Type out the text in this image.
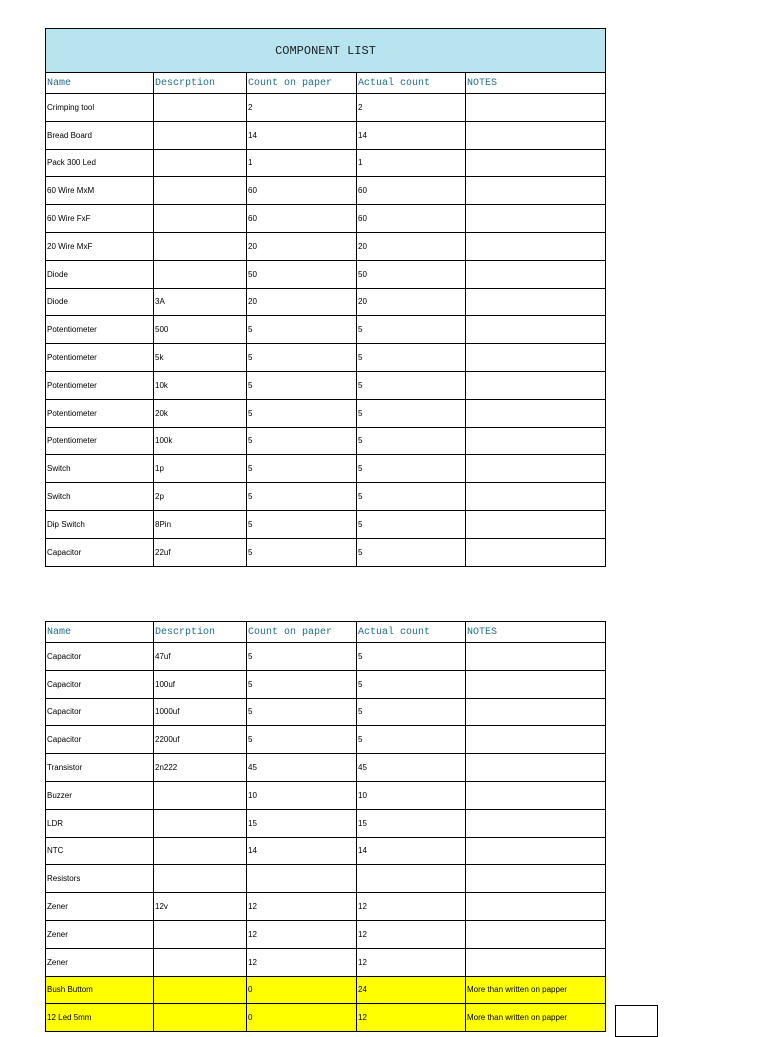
COMPONENT LIST				
Name	Descrption	Count on paper	Actual count	NOTES
Crimping tool		2	2	
Bread Board		14	14	
Pack 300 Led		1	1	
60 Wire MxM		60	60	
60 Wire FxF		60	60	
20 Wire MxF		20	20	
Diode		50	50	
Diode	3A	20	20	
Potentiometer	500	5	5	
Potentiometer	5k	5	5	
Potentiometer	10k	5	5	
Potentiometer	20k	5	5	
Potentiometer	100k	5	5	
Switch	1p	5	5	
Switch	2p	5	5	
Dip Switch	8Pin	5	5	
Capacitor	22uf	5	5	
Name	Descrption	Count on paper	Actual count	NOTES
Capacitor	47uf	5	5	
Capacitor	100uf	5	5	
Capacitor	1000uf	5	5	
Capacitor	2200uf	5	5	
Transistor	2n222	45	45	
Buzzer		10	10	
LDR		15	15	
NTC		14	14	
Resistors				
Zener	12v	12	12	
Zener		12	12	
Zener		12	12	
Bush Buttom		0	24	More than written on papper
12 Led 5mm		0	12	More than written on papper
